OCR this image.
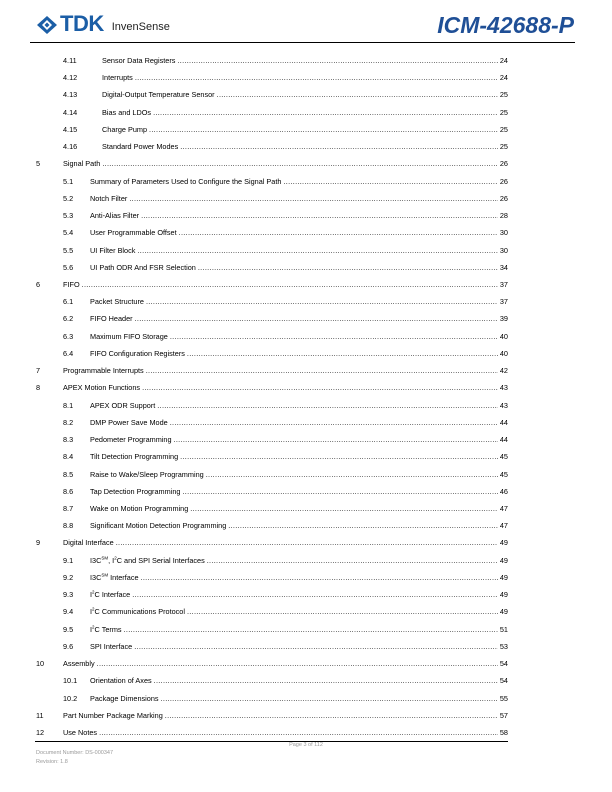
TDK InvenSense	ICM-42688-P
4.11	Sensor Data Registers .....	24
4.12	Interrupts .....	24
4.13	Digital-Output Temperature Sensor .....	25
4.14	Bias and LDOs .....	25
4.15	Charge Pump .....	25
4.16	Standard Power Modes .....	25
5	Signal Path .....	26
5.1 Summary of Parameters Used to Configure the Signal Path .....	26
5.2 Notch Filter .....	26
5.3 Anti-Alias Filter .....	28
5.4 User Programmable Offset .....	30
5.5 UI Filter Block .....	30
5.6 UI Path ODR And FSR Selection .....	34
6	FIFO .....	37
6.1 Packet Structure .....	37
6.2 FIFO Header .....	39
6.3 Maximum FIFO Storage .....	40
6.4 FIFO Configuration Registers .....	40
7	Programmable Interrupts .....	42
8	APEX Motion Functions .....	43
8.1 APEX ODR Support .....	43
8.2 DMP Power Save Mode .....	44
8.3 Pedometer Programming .....	44
8.4 Tilt Detection Programming .....	45
8.5 Raise to Wake/Sleep Programming .....	45
8.6 Tap Detection Programming .....	46
8.7 Wake on Motion Programming .....	47
8.8 Significant Motion Detection Programming .....	47
9	Digital Interface .....	49
9.1 I3C℠, $I^2C$ and SPI Serial Interfaces .....	49
9.2 I3C℠ Interface .....	49
9.3 $I^2C$ Interface .....	49
9.4 $I^2C$ Communications Protocol .....	49
9.5 $I^2C$ Terms .....	51
9.6 SPI Interface .....	53
10	Assembly .....	54
10.1 Orientation of Axes .....	54
10.2 Package Dimensions .....	55
11	Part Number Package Marking .....	57
12	Use Notes .....	58
Page 3 of 112
Document Number: DS-000347
Revision: 1.8
